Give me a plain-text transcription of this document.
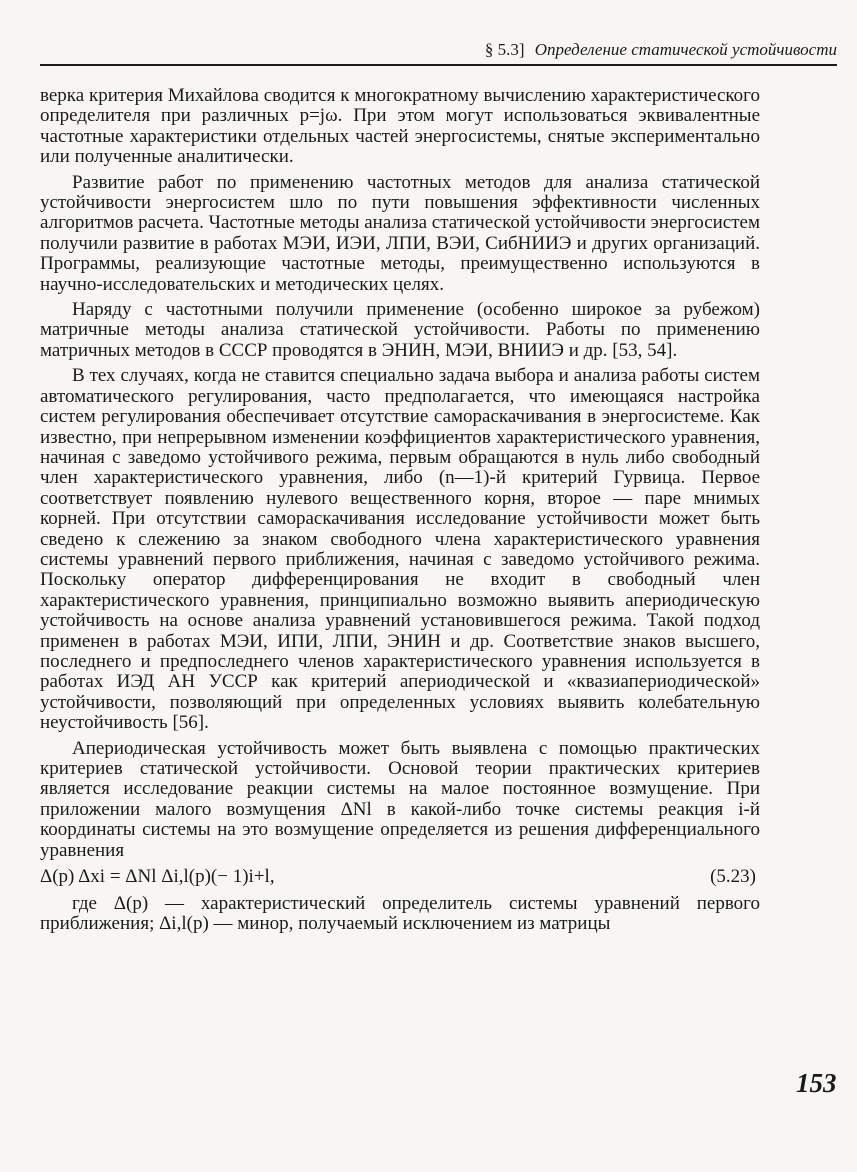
§ 5.3] Определение статической устойчивости

верка критерия Михайлова сводится к многократному вычислению характеристического определителя при различных p=jω. При этом могут использоваться эквивалентные частотные характеристики отдельных частей энергосистемы, снятые экспериментально или полученные аналитически.

Развитие работ по применению частотных методов для анализа статической устойчивости энергосистем шло по пути повышения эффективности численных алгоритмов расчета. Частотные методы анализа статической устойчивости энергосистем получили развитие в работах МЭИ, ИЭИ, ЛПИ, ВЭИ, СибНИИЭ и других организаций. Программы, реализующие частотные методы, преимущественно используются в научно-исследовательских и методических целях.

Наряду с частотными получили применение (особенно широкое за рубежом) матричные методы анализа статической устойчивости. Работы по применению матричных методов в СССР проводятся в ЭНИН, МЭИ, ВНИИЭ и др. [53, 54].

В тех случаях, когда не ставится специально задача выбора и анализа работы систем автоматического регулирования, часто предполагается, что имеющаяся настройка систем регулирования обеспечивает отсутствие самораскачивания в энергосистеме. Как известно, при непрерывном изменении коэффициентов характеристического уравнения, начиная с заведомо устойчивого режима, первым обращаются в нуль либо свободный член характеристического уравнения, либо (n—1)-й критерий Гурвица. Первое соответствует появлению нулевого вещественного корня, второе — паре мнимых корней. При отсутствии самораскачивания исследование устойчивости может быть сведено к слежению за знаком свободного члена характеристического уравнения системы уравнений первого приближения, начиная с заведомо устойчивого режима. Поскольку оператор дифференцирования не входит в свободный член характеристического уравнения, принципиально возможно выявить апериодическую устойчивость на основе анализа уравнений установившегося режима. Такой подход применен в работах МЭИ, ИПИ, ЛПИ, ЭНИН и др. Соответствие знаков высшего, последнего и предпоследнего членов характеристического уравнения используется в работах ИЭД АН УССР как критерий апериодической и «квазиапериодической» устойчивости, позволяющий при определенных условиях выявить колебательную неустойчивость [56].

Апериодическая устойчивость может быть выявлена с помощью практических критериев статической устойчивости. Основой теории практических критериев является исследование реакции системы на малое постоянное возмущение. При приложении малого возмущения ΔNl в какой-либо точке системы реакция i-й координаты системы на это возмущение определяется из решения дифференциального уравнения

Δ(p) Δxi = ΔNl Δi,l(p)(− 1)i+l,	(5.23)

где Δ(p) — характеристический определитель системы уравнений первого приближения; Δi,l(p) — минор, получаемый исключением из матрицы

153
